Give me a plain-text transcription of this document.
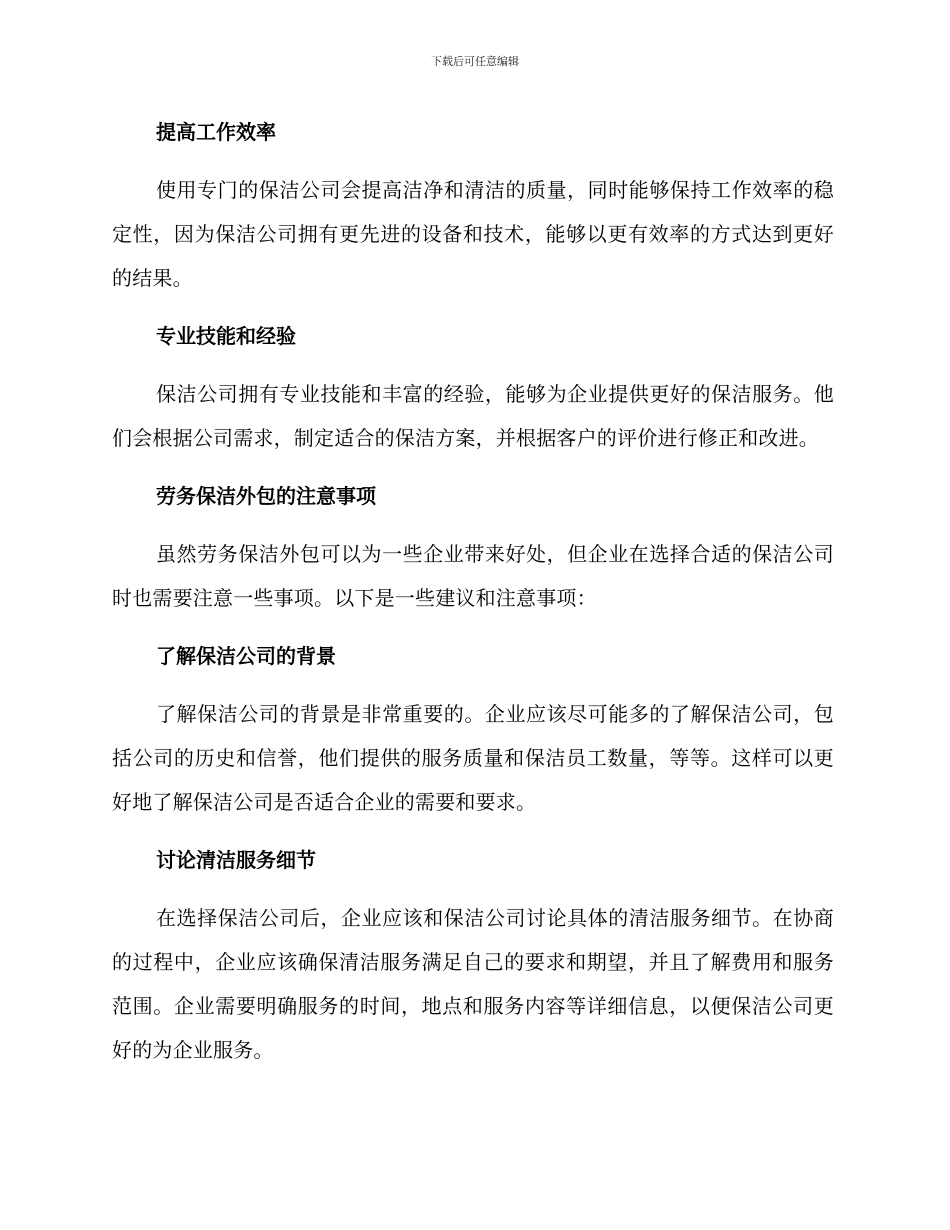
下载后可任意编辑
提高工作效率

使用专门的保洁公司会提高洁净和清洁的质量，同时能够保持工作效率的稳定性，因为保洁公司拥有更先进的设备和技术，能够以更有效率的方式达到更好的结果。

专业技能和经验

保洁公司拥有专业技能和丰富的经验，能够为企业提供更好的保洁服务。他们会根据公司需求，制定适合的保洁方案，并根据客户的评价进行修正和改进。

劳务保洁外包的注意事项

虽然劳务保洁外包可以为一些企业带来好处，但企业在选择合适的保洁公司时也需要注意一些事项。以下是一些建议和注意事项：

了解保洁公司的背景

了解保洁公司的背景是非常重要的。企业应该尽可能多的了解保洁公司，包括公司的历史和信誉，他们提供的服务质量和保洁员工数量，等等。这样可以更好地了解保洁公司是否适合企业的需要和要求。

讨论清洁服务细节

在选择保洁公司后，企业应该和保洁公司讨论具体的清洁服务细节。在协商的过程中，企业应该确保清洁服务满足自己的要求和期望，并且了解费用和服务范围。企业需要明确服务的时间，地点和服务内容等详细信息，以便保洁公司更好的为企业服务。
